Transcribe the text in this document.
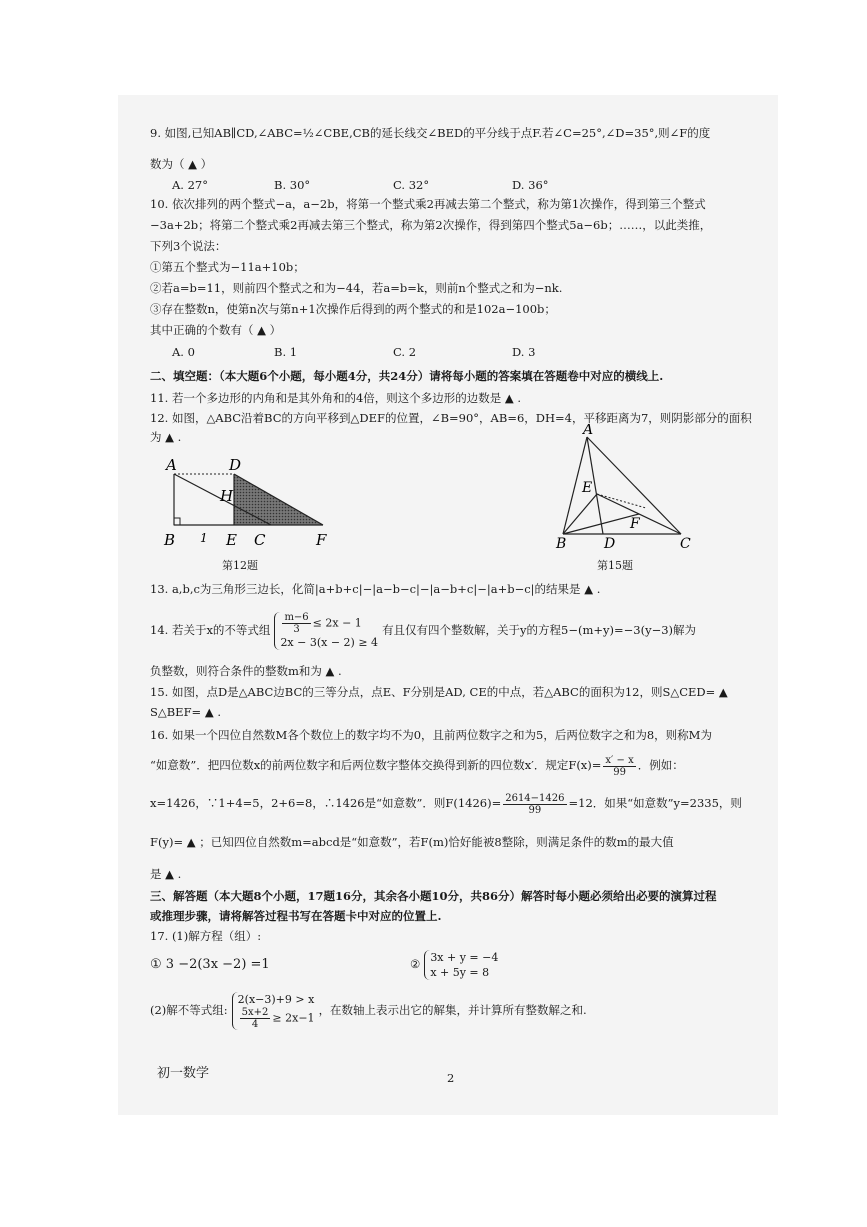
9. 如图,已知AB∥CD,∠ABC=½∠CBE,CB的延长线交∠BED的平分线于点F.若∠C=25°,∠D=35°,则∠F的度
数为（ ▲ ）
A. 27°	B. 30°	C. 32°	D. 36°
10. 依次排列的两个整式−a，a−2b，将第一个整式乘2再减去第二个整式，称为第1次操作，得到第三个整式
−3a+2b；将第二个整式乘2再减去第三个整式，称为第2次操作，得到第四个整式5a−6b；……，以此类推，
下列3个说法：
①第五个整式为−11a+10b；
②若a=b=11，则前四个整式之和为−44，若a=b=k，则前n个整式之和为−nk.
③存在整数n，使第n次与第n+1次操作后得到的两个整式的和是102a−100b；
其中正确的个数有（ ▲ ）
A. 0	B. 1	C. 2	D. 3
二、填空题：（本大题6个小题，每小题4分，共24分）请将每小题的答案填在答题卷中对应的横线上.
11. 若一个多边形的内角和是其外角和的4倍，则这个多边形的边数是 ▲ .
12. 如图，△ABC沿着BC的方向平移到△DEF的位置，∠B=90°，AB=6，DH=4，平移距离为7，则阴影部分的面积
为 ▲ .
A	D
H
B 1 E C	F
第12题
A
E
F
B	D	C
第15题
13. a,b,c为三角形三边长，化简|a+b+c|−|a−b−c|−|a−b+c|−|a+b−c|的结果是 ▲ .
14. 若关于x的不等式组 $\frac{m-6}{3} \le 2x - 1$
2x − 3(x − 2) ≥ 4
有且仅有四个整数解，关于y的方程5−(m+y)=−3(y−3)解为
负整数，则符合条件的整数m和为 ▲ .
15. 如图，点D是△ABC边BC的三等分点，点E、F分别是AD, CE的中点，若△ABC的面积为12，则S△CED= ▲
S△BEF= ▲ .
16. 如果一个四位自然数M各个数位上的数字均不为0，且前两位数字之和为5，后两位数字之和为8，则称M为
“如意数”．把四位数x的前两位数字和后两位数字整体交换得到新的四位数x′．规定$F(x)= \frac{x' - x}{99}$ ．例如：
x=1426，∵1+4=5，2+6=8，∴1426是“如意数”．则$F(1426)= \frac{2614-1426}{99} =12$．如果“如意数”y=2335，则
F(y)= ▲ ；已知四位自然数m=abcd是“如意数”，若F(m)恰好能被8整除，则满足条件的数m的最大值
是 ▲ .
三、解答题（本大题8个小题，17题16分，其余各小题10分，共86分）解答时每小题必须给出必要的演算过程
或推理步骤，请将解答过程书写在答题卡中对应的位置上.
17. (1)解方程（组）:
① 3 −2(3x −2) =1	② 3x + y = −4
x + 5y = 8
(2)解不等式组:
2(x−3)+9 > x
$\frac{5x+2}{4} \ge 2x-1$
，在数轴上表示出它的解集，并计算所有整数解之和.
初一数学	2
